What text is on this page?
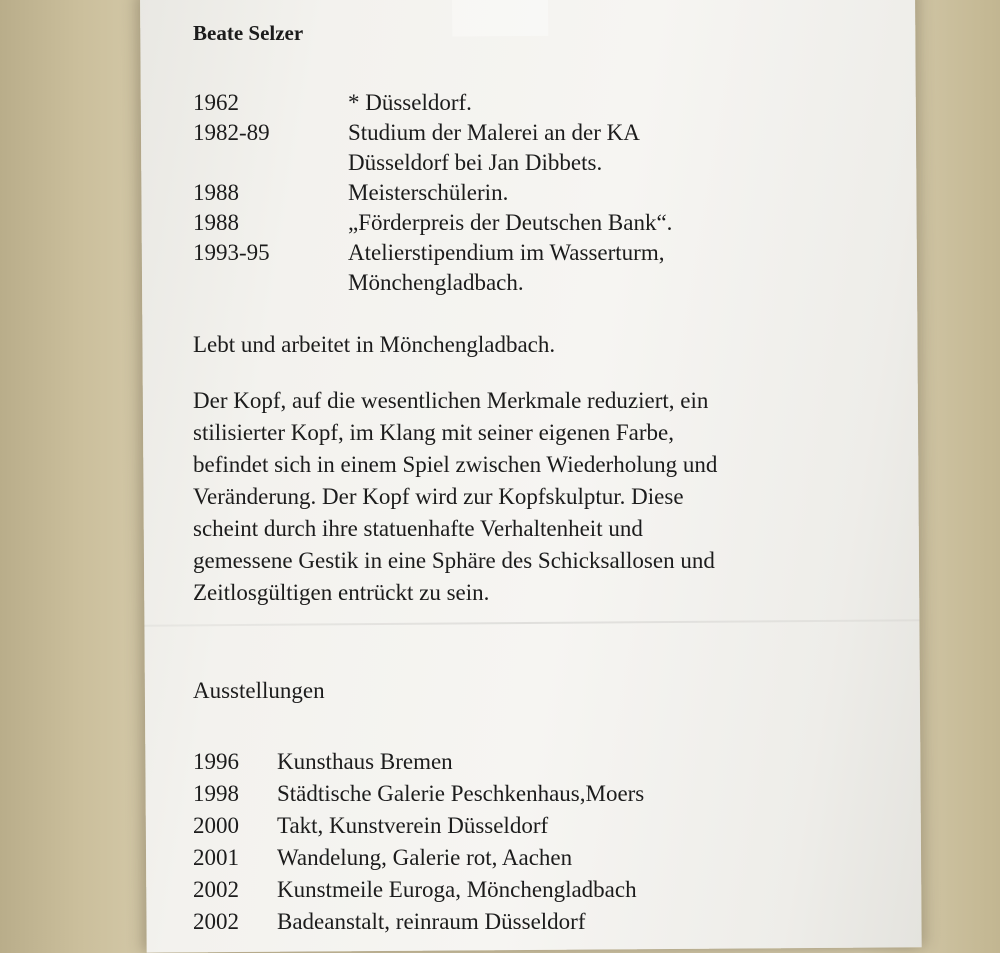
Beate Selzer
1962	* Düsseldorf.
1982-89	Studium der Malerei an der KA
Düsseldorf bei Jan Dibbets.
1988	Meisterschülerin.
1988	„Förderpreis der Deutschen Bank“.
1993-95	Atelierstipendium im Wasserturm,
Mönchengladbach.
Lebt und arbeitet in Mönchengladbach.
Der Kopf, auf die wesentlichen Merkmale reduziert, ein
stilisierter Kopf, im Klang mit seiner eigenen Farbe,
befindet sich in einem Spiel zwischen Wiederholung und
Veränderung. Der Kopf wird zur Kopfskulptur. Diese
scheint durch ihre statuenhafte Verhaltenheit und
gemessene Gestik in eine Sphäre des Schicksallosen und
Zeitlosgültigen entrückt zu sein.
Ausstellungen
1996	Kunsthaus Bremen
1998	Städtische Galerie Peschkenhaus,Moers
2000	Takt, Kunstverein Düsseldorf
2001	Wandelung, Galerie rot, Aachen
2002	Kunstmeile Euroga, Mönchengladbach
2002	Badeanstalt, reinraum Düsseldorf
